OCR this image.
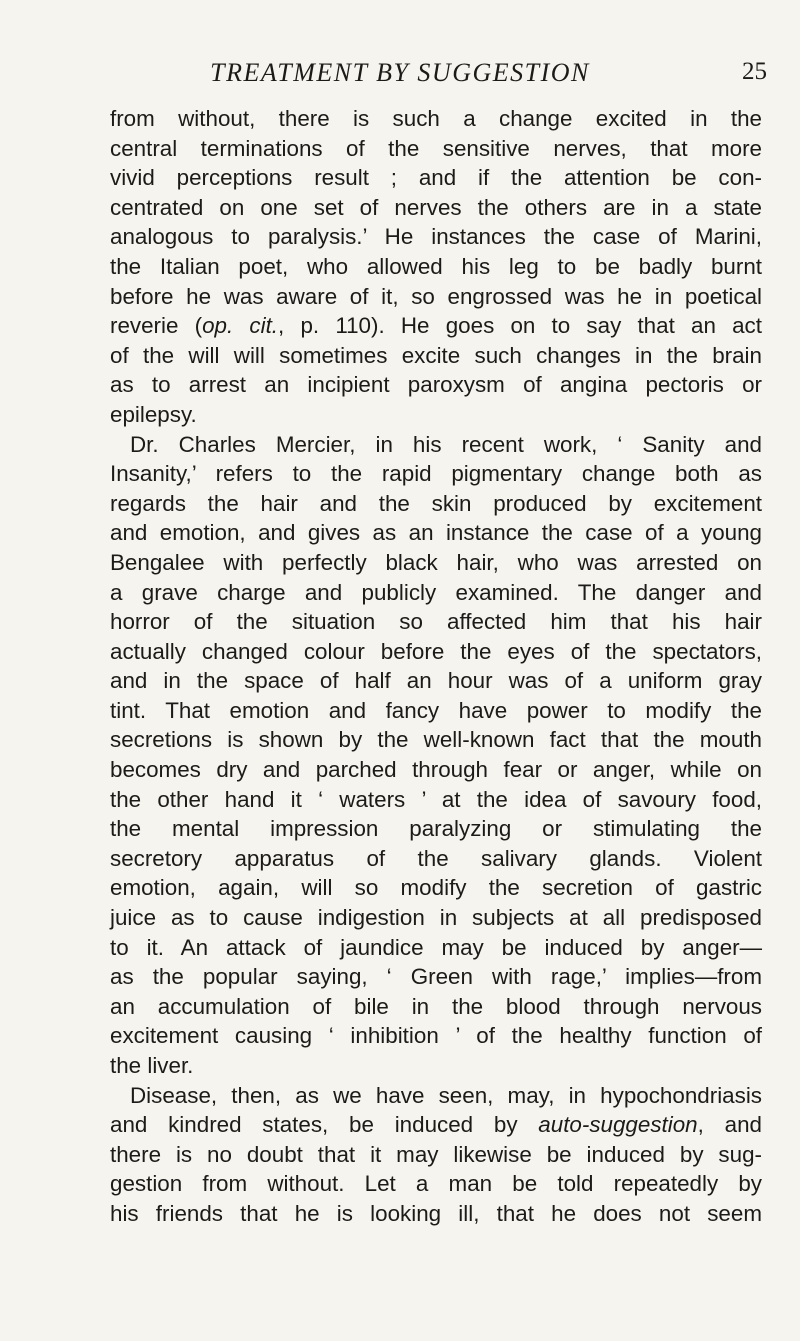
TREATMENT BY SUGGESTION	25
from without, there is such a change excited in the
central terminations of the sensitive nerves, that more
vivid perceptions result ; and if the attention be con-
centrated on one set of nerves the others are in a state
analogous to paralysis.’ He instances the case of Marini,
the Italian poet, who allowed his leg to be badly burnt
before he was aware of it, so engrossed was he in poetical
reverie (op. cit., p. 110). He goes on to say that an act
of the will will sometimes excite such changes in the brain
as to arrest an incipient paroxysm of angina pectoris or
epilepsy.
Dr. Charles Mercier, in his recent work, ‘ Sanity and
Insanity,’ refers to the rapid pigmentary change both as
regards the hair and the skin produced by excitement
and emotion, and gives as an instance the case of a young
Bengalee with perfectly black hair, who was arrested on
a grave charge and publicly examined. The danger and
horror of the situation so affected him that his hair
actually changed colour before the eyes of the spectators,
and in the space of half an hour was of a uniform gray
tint. That emotion and fancy have power to modify the
secretions is shown by the well-known fact that the mouth
becomes dry and parched through fear or anger, while on
the other hand it ‘ waters ’ at the idea of savoury food,
the mental impression paralyzing or stimulating the
secretory apparatus of the salivary glands. Violent
emotion, again, will so modify the secretion of gastric
juice as to cause indigestion in subjects at all predisposed
to it. An attack of jaundice may be induced by anger—
as the popular saying, ‘ Green with rage,’ implies—from
an accumulation of bile in the blood through nervous
excitement causing ‘ inhibition ’ of the healthy function of
the liver.
Disease, then, as we have seen, may, in hypochondriasis
and kindred states, be induced by auto-suggestion, and
there is no doubt that it may likewise be induced by sug-
gestion from without. Let a man be told repeatedly by
his friends that he is looking ill, that he does not seem
